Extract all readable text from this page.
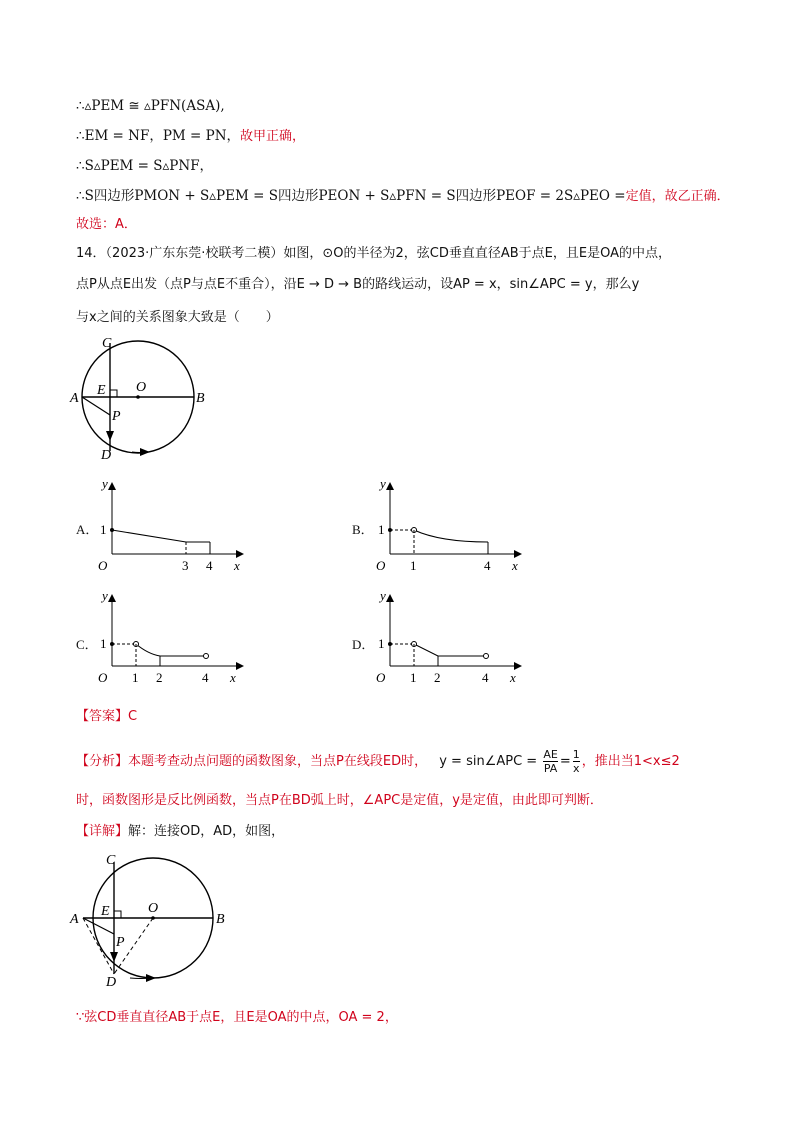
∴▵PEM ≅ ▵PFN(ASA),
∴EM = NF，PM = PN，故甲正确，
∴S▵PEM = S▵PNF，
∴S四边形PMON + S▵PEM = S四边形PEON + S▵PFN = S四边形PEOF = 2S▵PEO =定值，故乙正确．
故选：A．
14．（2023·广东东莞·校联考二模）如图，⊙O的半径为2，弦CD垂直直径AB于点E，且E是OA的中点，
点P从点E出发（点P与点E不重合），沿E → D → B的路线运动，设AP = x，sin∠APC = y，那么y
与x之间的关系图象大致是（　　）
C
A
E O
B
P
D
A．
y
1
O	3 4 x
B．
y
1
O 1	4 x
C．
y
1
O 1 2	4 x
D．
y
1
O 1 2	4 x
【答案】C
【分析】本题考查动点问题的函数图象，当点P在线段ED时， y = sin∠APC = $\frac{AE}{PA} = \frac{1}{x}$ ，推出当1<x≤2
时，函数图形是反比例函数，当点P在BD弧上时，∠APC是定值，y是定值，由此即可判断．
【详解】解：连接OD，AD，如图，
C
A
E	O
B
P
D
∵弦CD垂直直径AB于点E，且E是OA的中点，OA = 2，
